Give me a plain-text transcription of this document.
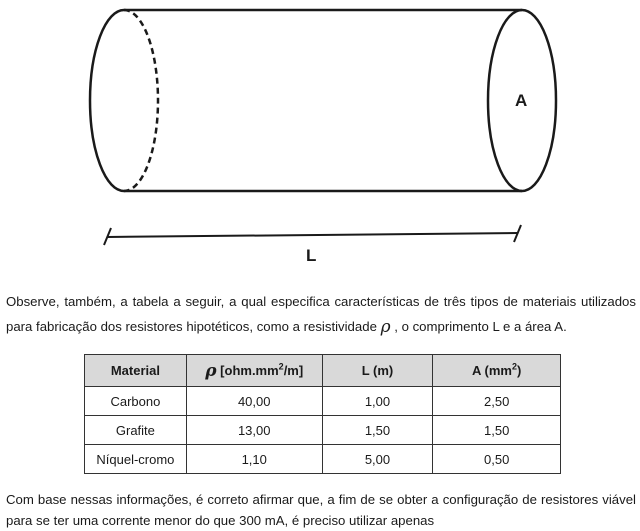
A
L

Observe, também, a tabela a seguir, a qual especifica características de três tipos de materiais utilizados para fabricação dos resistores hipotéticos, como a resistividade ρ , o comprimento L e a área A.

Material	ρ $[ohm.mm^2/m]$	L (m)	A $(mm^2)$
Carbono	40,00	1,00	2,50
Grafite	13,00	1,50	1,50
Níquel-cromo	1,10	5,00	0,50

Com base nessas informações, é correto afirmar que, a fim de se obter a configuração de resistores viável para se ter uma corrente menor do que 300 mA, é preciso utilizar apenas
